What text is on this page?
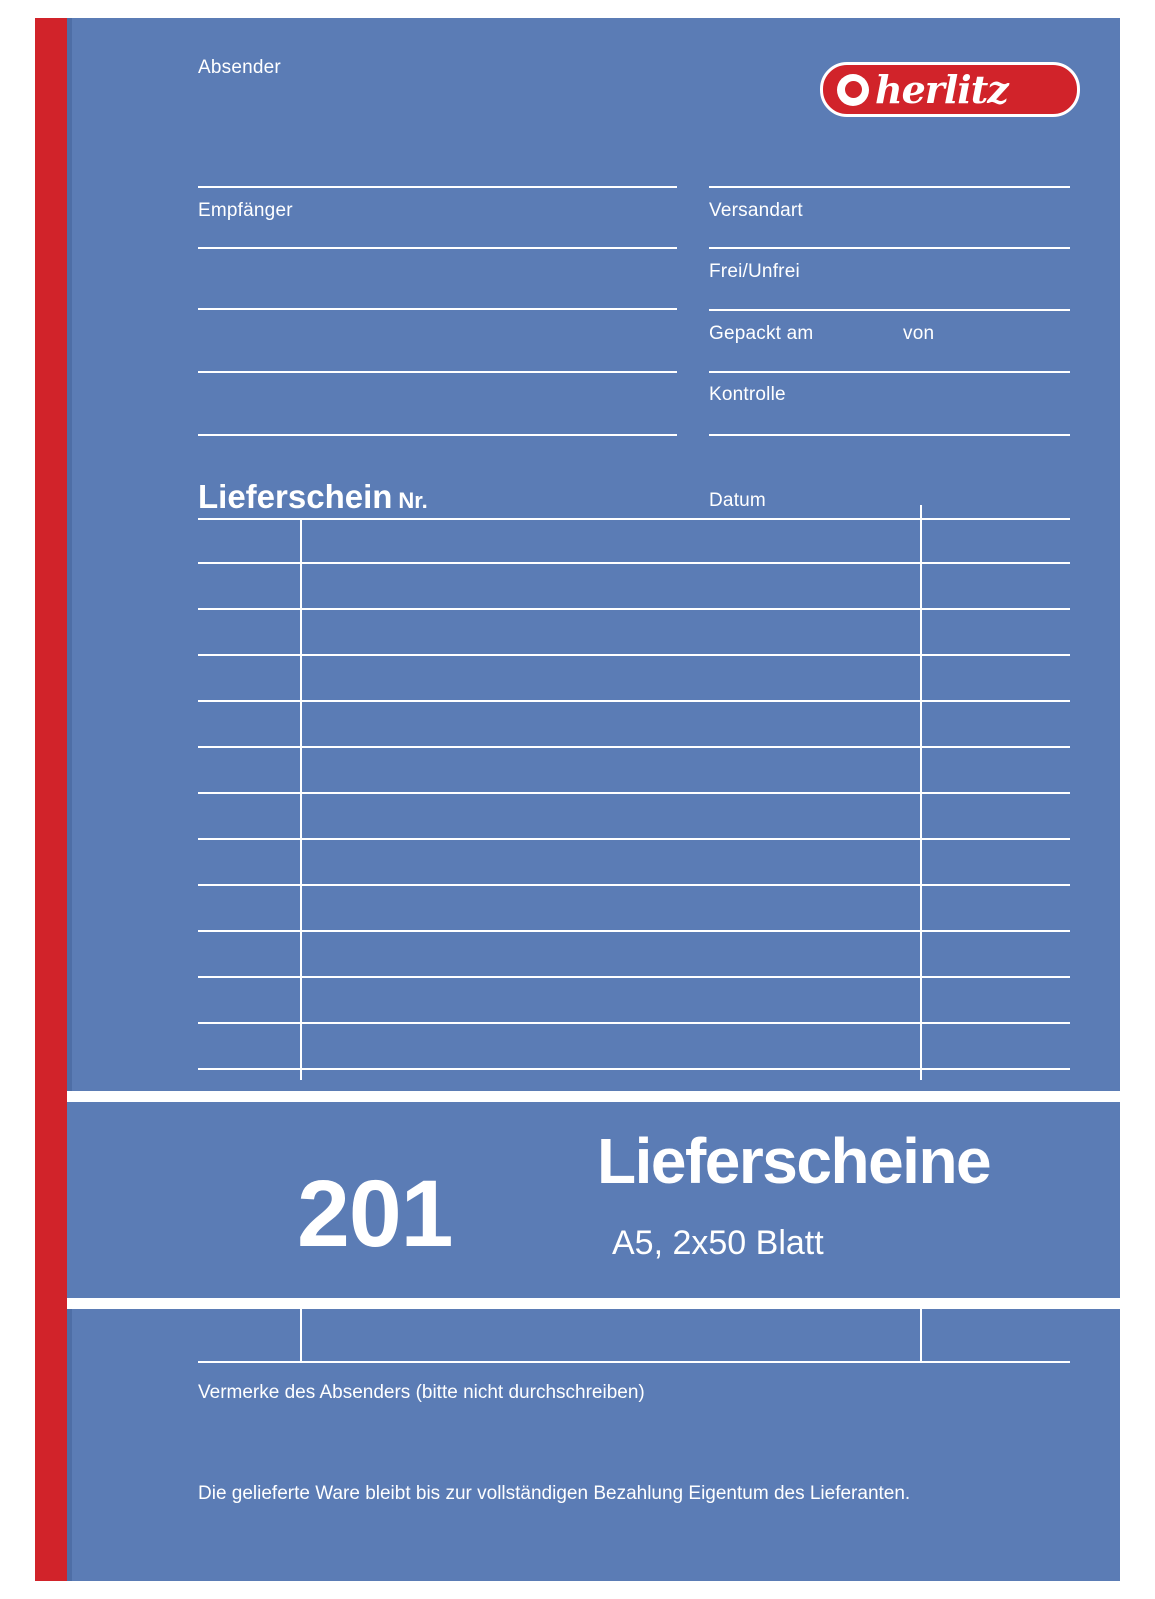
herlitz
Absender
Empfänger	Versandart
Frei/Unfrei
Gepackt am	von
Kontrolle
Lieferschein Nr.	Datum
201 Lieferscheine
A5, 2x50 Blatt
Vermerke des Absenders (bitte nicht durchschreiben)
Die gelieferte Ware bleibt bis zur vollständigen Bezahlung Eigentum des Lieferanten.
